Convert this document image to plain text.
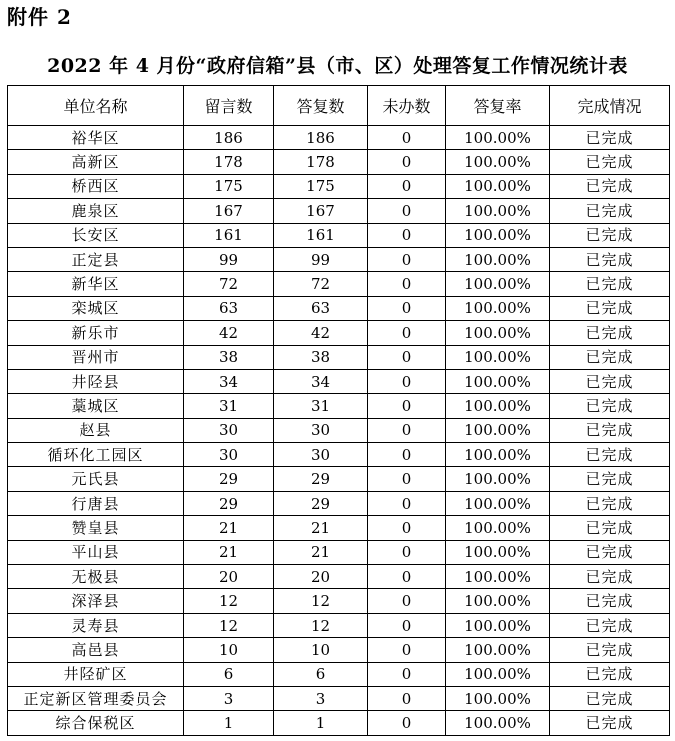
附件 2
2022 年 4 月份“政府信箱”县（市、区）处理答复工作情况统计表
单位名称	留言数	答复数	未办数	答复率	完成情况
裕华区	186	186	0	100.00%	已完成
高新区	178	178	0	100.00%	已完成
桥西区	175	175	0	100.00%	已完成
鹿泉区	167	167	0	100.00%	已完成
长安区	161	161	0	100.00%	已完成
正定县	99	99	0	100.00%	已完成
新华区	72	72	0	100.00%	已完成
栾城区	63	63	0	100.00%	已完成
新乐市	42	42	0	100.00%	已完成
晋州市	38	38	0	100.00%	已完成
井陉县	34	34	0	100.00%	已完成
藁城区	31	31	0	100.00%	已完成
赵县	30	30	0	100.00%	已完成
循环化工园区	30	30	0	100.00%	已完成
元氏县	29	29	0	100.00%	已完成
行唐县	29	29	0	100.00%	已完成
赞皇县	21	21	0	100.00%	已完成
平山县	21	21	0	100.00%	已完成
无极县	20	20	0	100.00%	已完成
深泽县	12	12	0	100.00%	已完成
灵寿县	12	12	0	100.00%	已完成
高邑县	10	10	0	100.00%	已完成
井陉矿区	6	6	0	100.00%	已完成
正定新区管理委员会	3	3	0	100.00%	已完成
综合保税区	1	1	0	100.00%	已完成
